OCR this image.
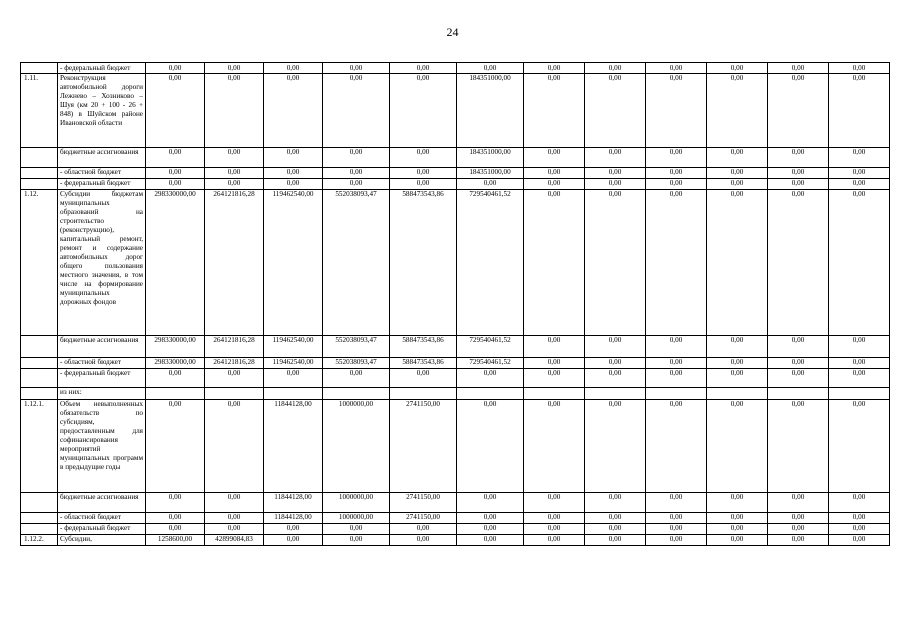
24
	- федеральный бюджет	0,00	0,00	0,00	0,00	0,00	0,00	0,00	0,00	0,00	0,00	0,00	0,00
1.11.	Реконструкция автомобильной дороги Лежнево – Хозниково – Шуя (км 20 + 100 - 26 + 848) в Шуйском районе Ивановской области	0,00	0,00	0,00	0,00	0,00	184351000,00	0,00	0,00	0,00	0,00	0,00	0,00
	бюджетные ассигнования	0,00	0,00	0,00	0,00	0,00	184351000,00	0,00	0,00	0,00	0,00	0,00	0,00
	- областной бюджет	0,00	0,00	0,00	0,00	0,00	184351000,00	0,00	0,00	0,00	0,00	0,00	0,00
	- федеральный бюджет	0,00	0,00	0,00	0,00	0,00	0,00	0,00	0,00	0,00	0,00	0,00	0,00
1.12.	Субсидии бюджетам муниципальных образований на строительство (реконструкцию), капитальный ремонт, ремонт и содержание автомобильных дорог общего пользования местного значения, в том числе на формирование муниципальных дорожных фондов	298330000,00	264121816,28	119462540,00	552038093,47	588473543,86	729540461,52	0,00	0,00	0,00	0,00	0,00	0,00
	бюджетные ассигнования	298330000,00	264121816,28	119462540,00	552038093,47	588473543,86	729540461,52	0,00	0,00	0,00	0,00	0,00	0,00
	- областной бюджет	298330000,00	264121816,28	119462540,00	552038093,47	588473543,86	729540461,52	0,00	0,00	0,00	0,00	0,00	0,00
	- федеральный бюджет	0,00	0,00	0,00	0,00	0,00	0,00	0,00	0,00	0,00	0,00	0,00	0,00
	из них:												
1.12.1.	Объем невыполненных обязательств по субсидиям, предоставленным для софинансирования мероприятий муниципальных программ в предыдущие годы	0,00	0,00	11844128,00	1000000,00	2741150,00	0,00	0,00	0,00	0,00	0,00	0,00	0,00
	бюджетные ассигнования	0,00	0,00	11844128,00	1000000,00	2741150,00	0,00	0,00	0,00	0,00	0,00	0,00	0,00
	- областной бюджет	0,00	0,00	11844128,00	1000000,00	2741150,00	0,00	0,00	0,00	0,00	0,00	0,00	0,00
	- федеральный бюджет	0,00	0,00	0,00	0,00	0,00	0,00	0,00	0,00	0,00	0,00	0,00	0,00
1.12.2.	Субсидии,	1258600,00	42899084,83	0,00	0,00	0,00	0,00	0,00	0,00	0,00	0,00	0,00	0,00
